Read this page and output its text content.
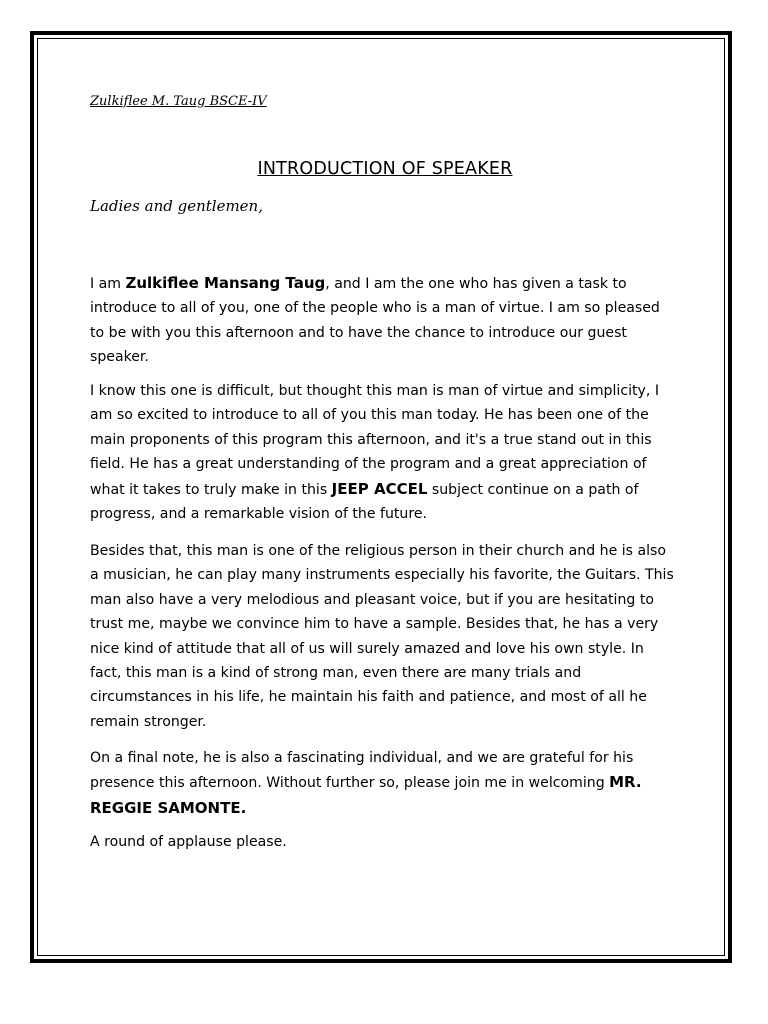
Zulkiflee M. Taug BSCE-IV
INTRODUCTION OF SPEAKER
Ladies and gentlemen,

I am Zulkiflee Mansang Taug, and I am the one who has given a task to
introduce to all of you, one of the people who is a man of virtue. I am so pleased
to be with you this afternoon and to have the chance to introduce our guest
speaker.

I know this one is difficult, but thought this man is man of virtue and simplicity, I
am so excited to introduce to all of you this man today. He has been one of the
main proponents of this program this afternoon, and it's a true stand out in this
field. He has a great understanding of the program and a great appreciation of
what it takes to truly make in this JEEP ACCEL subject continue on a path of
progress, and a remarkable vision of the future.

Besides that, this man is one of the religious person in their church and he is also
a musician, he can play many instruments especially his favorite, the Guitars. This
man also have a very melodious and pleasant voice, but if you are hesitating to
trust me, maybe we convince him to have a sample. Besides that, he has a very
nice kind of attitude that all of us will surely amazed and love his own style. In
fact, this man is a kind of strong man, even there are many trials and
circumstances in his life, he maintain his faith and patience, and most of all he
remain stronger.

On a final note, he is also a fascinating individual, and we are grateful for his
presence this afternoon. Without further so, please join me in welcoming MR.
REGGIE SAMONTE.

A round of applause please.
